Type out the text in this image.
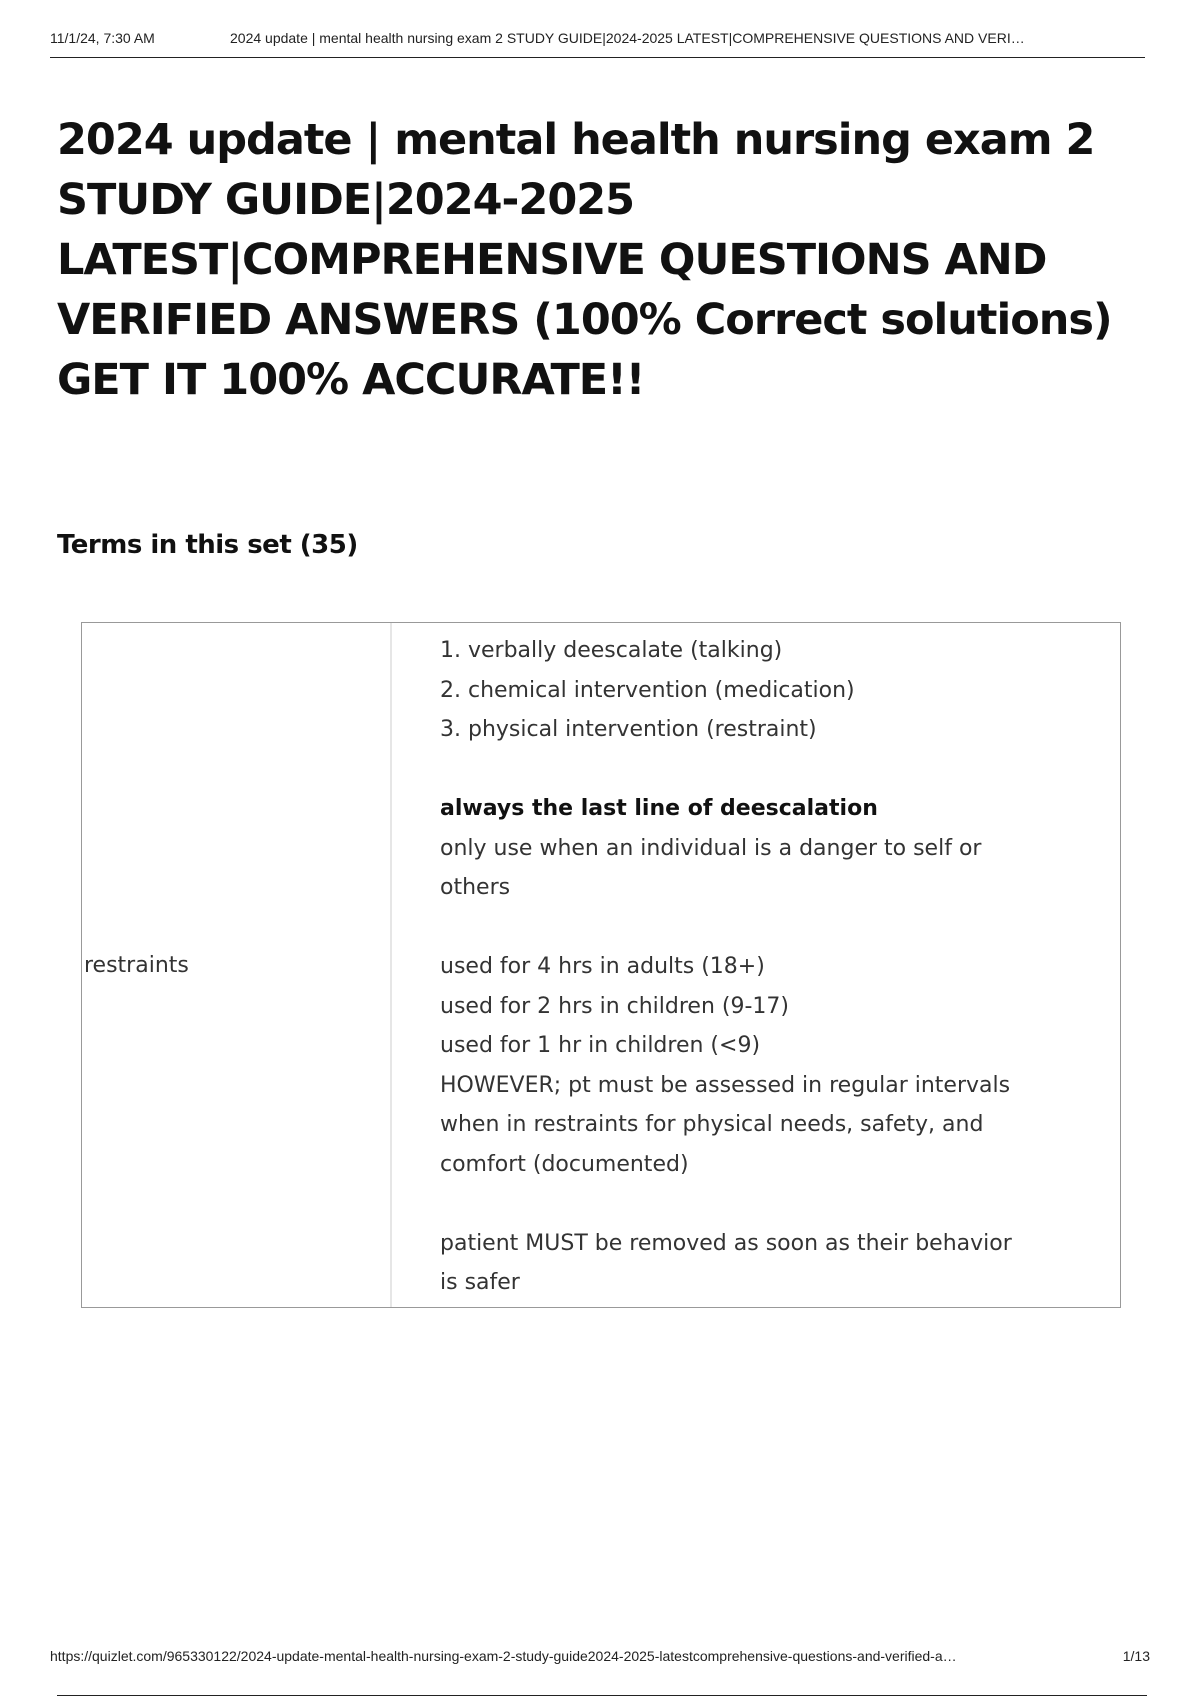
11/1/24, 7:30 AM	2024 update | mental health nursing exam 2 STUDY GUIDE|2024-2025 LATEST|COMPREHENSIVE QUESTIONS AND VERI…
2024 update | mental health nursing exam 2 STUDY GUIDE|2024-2025 LATEST|COMPREHENSIVE QUESTIONS AND VERIFIED ANSWERS (100% Correct solutions) GET IT 100% ACCURATE!!
Terms in this set (35)
restraints
1. verbally deescalate (talking)
2. chemical intervention (medication)
3. physical intervention (restraint)
always the last line of deescalation
only use when an individual is a danger to self or
others
used for 4 hrs in adults (18+)
used for 2 hrs in children (9-17)
used for 1 hr in children (<9)
HOWEVER; pt must be assessed in regular intervals
when in restraints for physical needs, safety, and
comfort (documented)
patient MUST be removed as soon as their behavior
is safer
https://quizlet.com/965330122/2024-update-mental-health-nursing-exam-2-study-guide2024-2025-latestcomprehensive-questions-and-verified-a…	1/13
